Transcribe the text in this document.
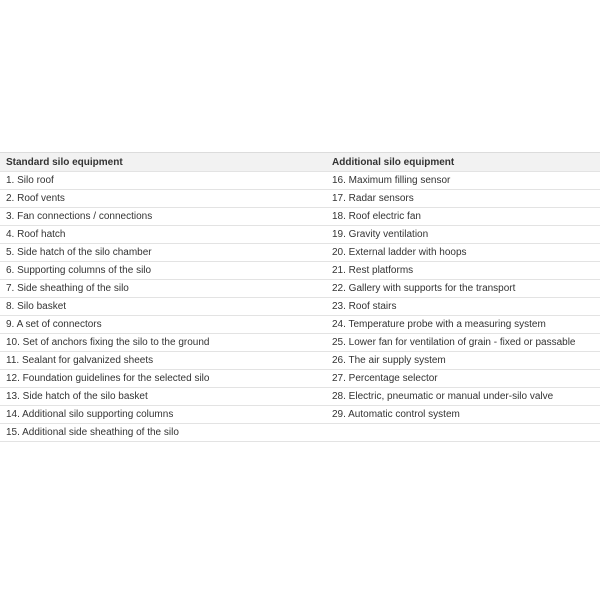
Standard silo equipment	Additional silo equipment
1. Silo roof	16. Maximum filling sensor
2. Roof vents	17. Radar sensors
3. Fan connections / connections	18. Roof electric fan
4. Roof hatch	19. Gravity ventilation
5. Side hatch of the silo chamber	20. External ladder with hoops
6. Supporting columns of the silo	21. Rest platforms
7. Side sheathing of the silo	22. Gallery with supports for the transport
8. Silo basket	23. Roof stairs
9. A set of connectors	24. Temperature probe with a measuring system
10. Set of anchors fixing the silo to the ground	25. Lower fan for ventilation of grain - fixed or passable
11. Sealant for galvanized sheets	26. The air supply system
12. Foundation guidelines for the selected silo	27. Percentage selector
13. Side hatch of the silo basket	28. Electric, pneumatic or manual under-silo valve
14. Additional silo supporting columns	29. Automatic control system
15. Additional side sheathing of the silo	
